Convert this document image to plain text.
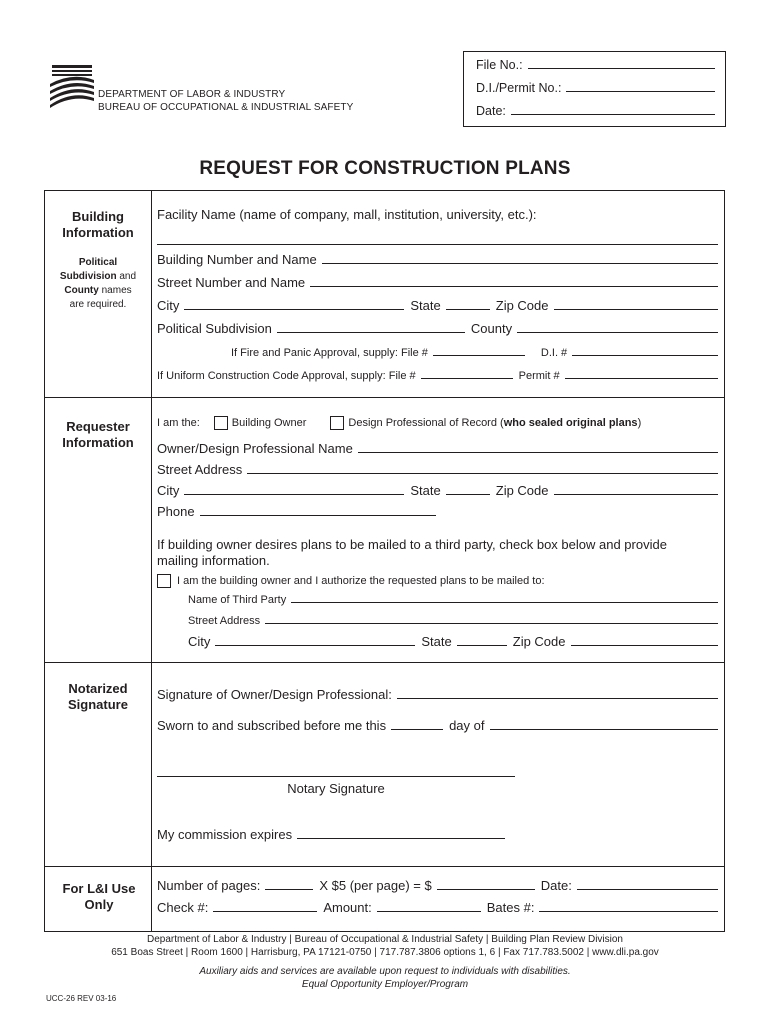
DEPARTMENT OF LABOR & INDUSTRY
BUREAU OF OCCUPATIONAL & INDUSTRIAL SAFETY
File No.:
D.I./Permit No.:
Date:
REQUEST FOR CONSTRUCTION PLANS
Building Information
Political
Subdivision and
County names
are required.
Facility Name (name of company, mall, institution, university, etc.):
Building Number and Name
Street Number and Name
City	State	Zip Code
Political Subdivision	County
If Fire and Panic Approval, supply: File #	D.I. #
If Uniform Construction Code Approval, supply: File #	Permit #
Requester Information
I am the:	Building Owner	Design Professional of Record ( who sealed original plans )
Owner/Design Professional Name
Street Address
City	State	Zip Code
Phone
If building owner desires plans to be mailed to a third party, check box below and provide mailing information.
I am the building owner and I authorize the requested plans to be mailed to:
Name of Third Party
Street Address
City	State	Zip Code
Notarized Signature
Signature of Owner/Design Professional:
Sworn to and subscribed before me this	day of
Notary Signature
My commission expires
For L&I Use Only
Number of pages:	X $5 (per page) = $	Date:
Check #:	Amount:	Bates #:
Department of Labor & Industry | Bureau of Occupational & Industrial Safety | Building Plan Review Division
651 Boas Street | Room 1600 | Harrisburg, PA 17121-0750 | 717.787.3806 options 1, 6 | Fax 717.783.5002 | www.dli.pa.gov
Auxiliary aids and services are available upon request to individuals with disabilities.
Equal Opportunity Employer/Program
UCC-26 REV 03-16
